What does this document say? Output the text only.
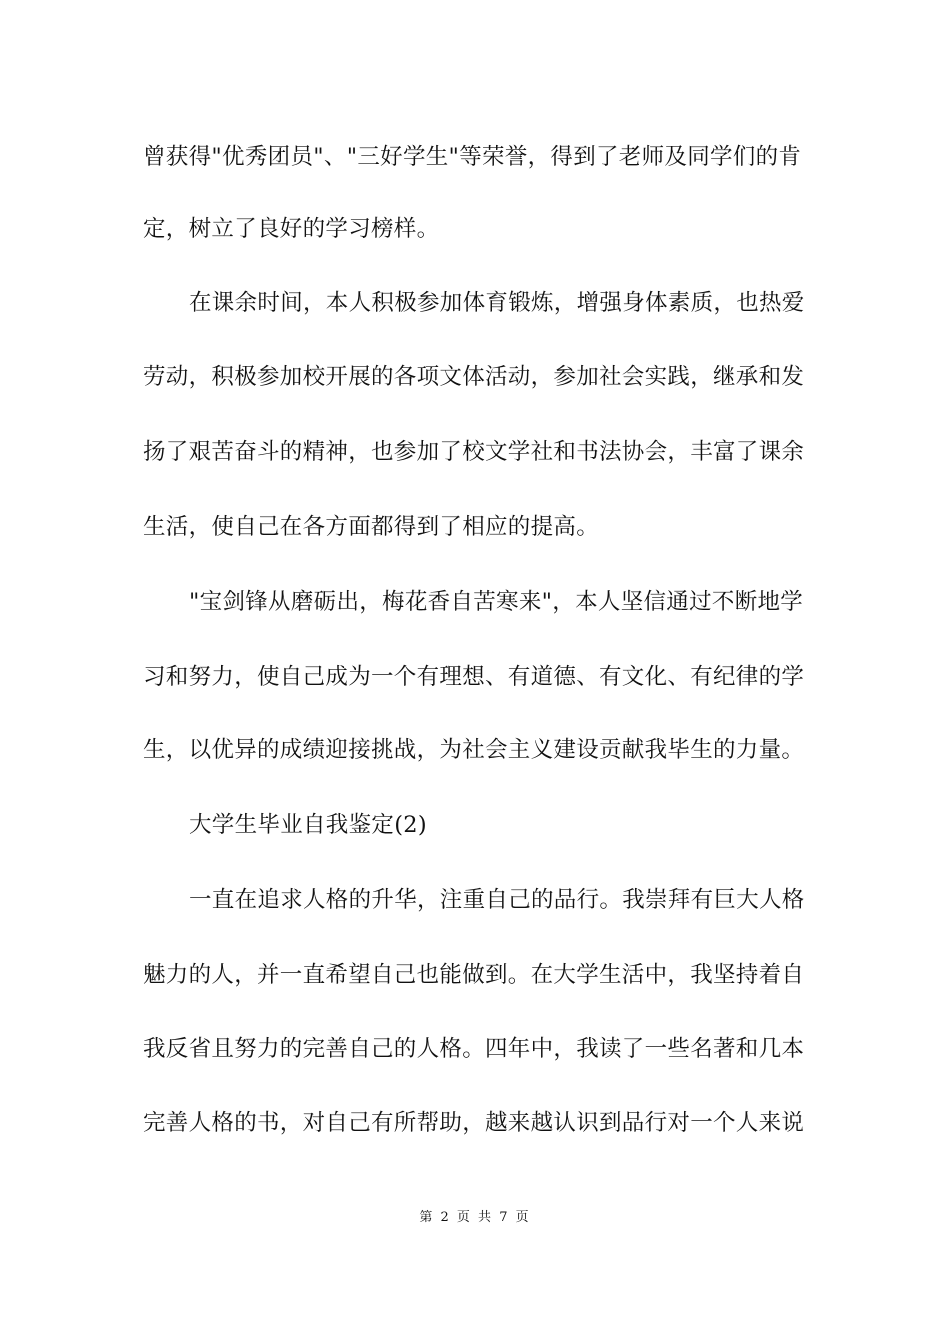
曾获得"优秀团员"、"三好学生"等荣誉，得到了老师及同学们的肯
定，树立了良好的学习榜样。
在课余时间，本人积极参加体育锻炼，增强身体素质，也热爱
劳动，积极参加校开展的各项文体活动，参加社会实践，继承和发
扬了艰苦奋斗的精神，也参加了校文学社和书法协会，丰富了课余
生活，使自己在各方面都得到了相应的提高。
"宝剑锋从磨砺出，梅花香自苦寒来"，本人坚信通过不断地学
习和努力，使自己成为一个有理想、有道德、有文化、有纪律的学
生，以优异的成绩迎接挑战，为社会主义建设贡献我毕生的力量。
大学生毕业自我鉴定(2)
一直在追求人格的升华，注重自己的品行。我崇拜有巨大人格
魅力的人，并一直希望自己也能做到。在大学生活中，我坚持着自
我反省且努力的完善自己的人格。四年中，我读了一些名著和几本
完善人格的书，对自己有所帮助，越来越认识到品行对一个人来说
第 2 页 共 7 页
